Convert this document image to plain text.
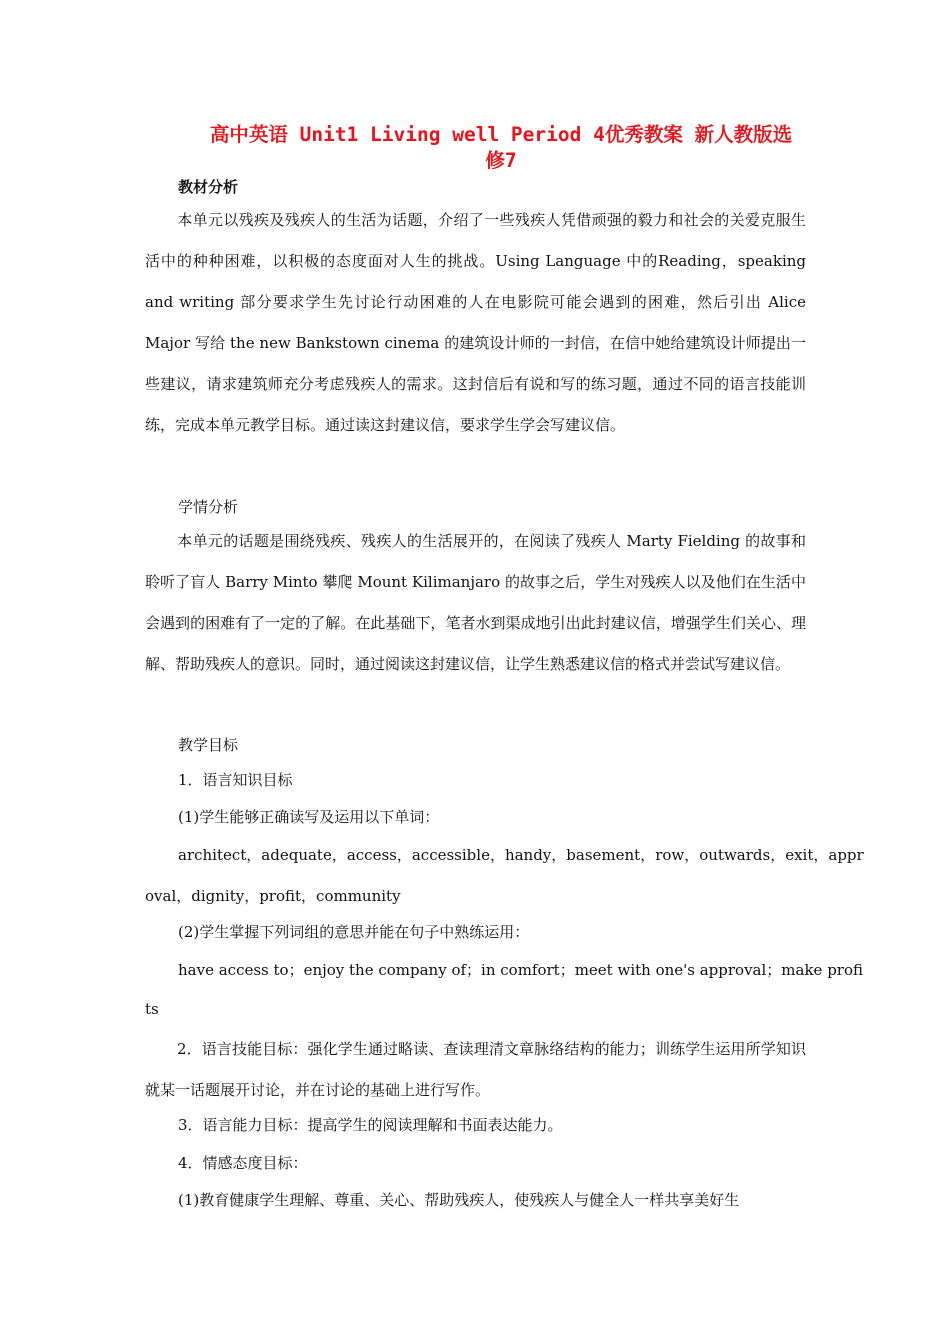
高中英语 Unit1 Living well Period 4优秀教案 新人教版选
修7
教材分析
本单元以残疾及残疾人的生活为话题，介绍了一些残疾人凭借顽强的毅力和社会的关爱克服生活中的种种困难，以积极的态度面对人生的挑战。Using Language 中的Reading，speaking and writing 部分要求学生先讨论行动困难的人在电影院可能会遇到的困难，然后引出 Alice Major 写给 the new Bankstown cinema 的建筑设计师的一封信，在信中她给建筑设计师提出一些建议，请求建筑师充分考虑残疾人的需求。这封信后有说和写的练习题，通过不同的语言技能训练，完成本单元教学目标。通过读这封建议信，要求学生学会写建议信。
学情分析
本单元的话题是围绕残疾、残疾人的生活展开的，在阅读了残疾人 Marty Fielding 的故事和聆听了盲人 Barry Minto 攀爬 Mount Kilimanjaro 的故事之后，学生对残疾人以及他们在生活中会遇到的困难有了一定的了解。在此基础下，笔者水到渠成地引出此封建议信，增强学生们关心、理解、帮助残疾人的意识。同时，通过阅读这封建议信，让学生熟悉建议信的格式并尝试写建议信。
教学目标
1．语言知识目标
(1)学生能够正确读写及运用以下单词：
architect，adequate，access，accessible，handy，basement，row，outwards，exit，appr
oval，dignity，profit，community
(2)学生掌握下列词组的意思并能在句子中熟练运用：
have access to；enjoy the company of；in comfort；meet with one's approval；make profi
ts
2．语言技能目标：强化学生通过略读、查读理清文章脉络结构的能力；训练学生运用所学知识就某一话题展开讨论，并在讨论的基础上进行写作。
3．语言能力目标：提高学生的阅读理解和书面表达能力。
4．情感态度目标：
(1)教育健康学生理解、尊重、关心、帮助残疾人，使残疾人与健全人一样共享美好生
